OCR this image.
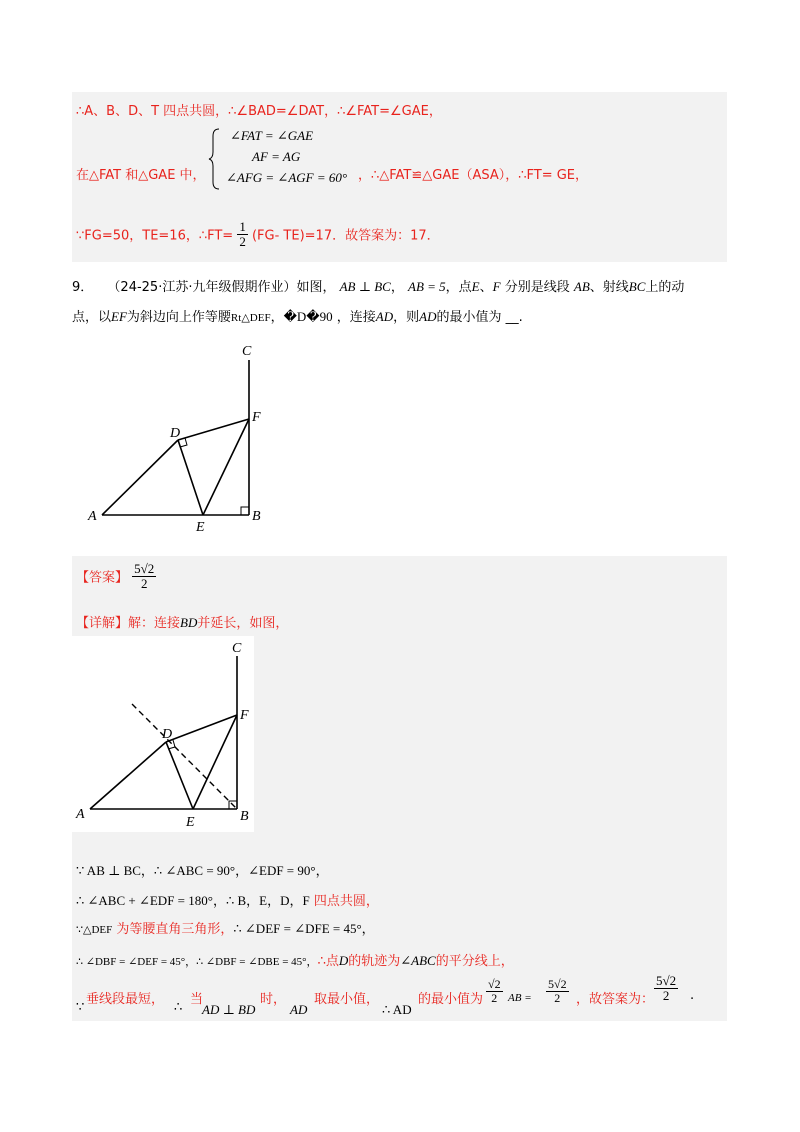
∴A、B、D、T 四点共圆，∴∠BAD=∠DAT，∴∠FAT=∠GAE，
在△FAT 和△GAE 中，
∠FAT = ∠GAE
AF = AG
∠AFG = ∠AGF = 60° ，∴△FAT≌△GAE（ASA），∴FT= GE，
∵FG=50，TE=16，∴FT= $\frac{1}{2} (FG-$ TE)=17．故答案为：17．
9． （24-25·江苏·九年级假期作业）如图， AB ⊥ BC， AB = 5，点E、F 分别是线段 AB、射线BC上的动
点，以EF为斜边向上作等腰Rt△DEF，�D�90 ，连接AD，则AD的最小值为 __.
A	B
C
D
E
F
【答案】 $\frac{5√2}{2}$
【详解】解：连接BD并延长，如图，
A	B
C
D
E
F
∵ AB ⊥ BC，∴ ∠ABC = 90°，∠EDF = 90°，
∴ ∠ABC + ∠EDF = 180°，∴ B，E，D，F 四点共圆，
∵△DEF 为等腰直角三角形，∴ ∠DEF = ∠DFE = 45°，
∴ ∠DBF = ∠DEF = 45°，∴ ∠DBF = ∠DBE = 45°，∴点D的轨迹为∠ABC的平分线上，
∵
垂线段最短，
∴
当
AD ⊥ BD
时，
AD
取最小值，
∴ AD
的最小值为 $\frac{√2}{2}$ AB = $\frac{5√2}{2}$ ，故答案为： $\frac{5√2}{2}$ .
